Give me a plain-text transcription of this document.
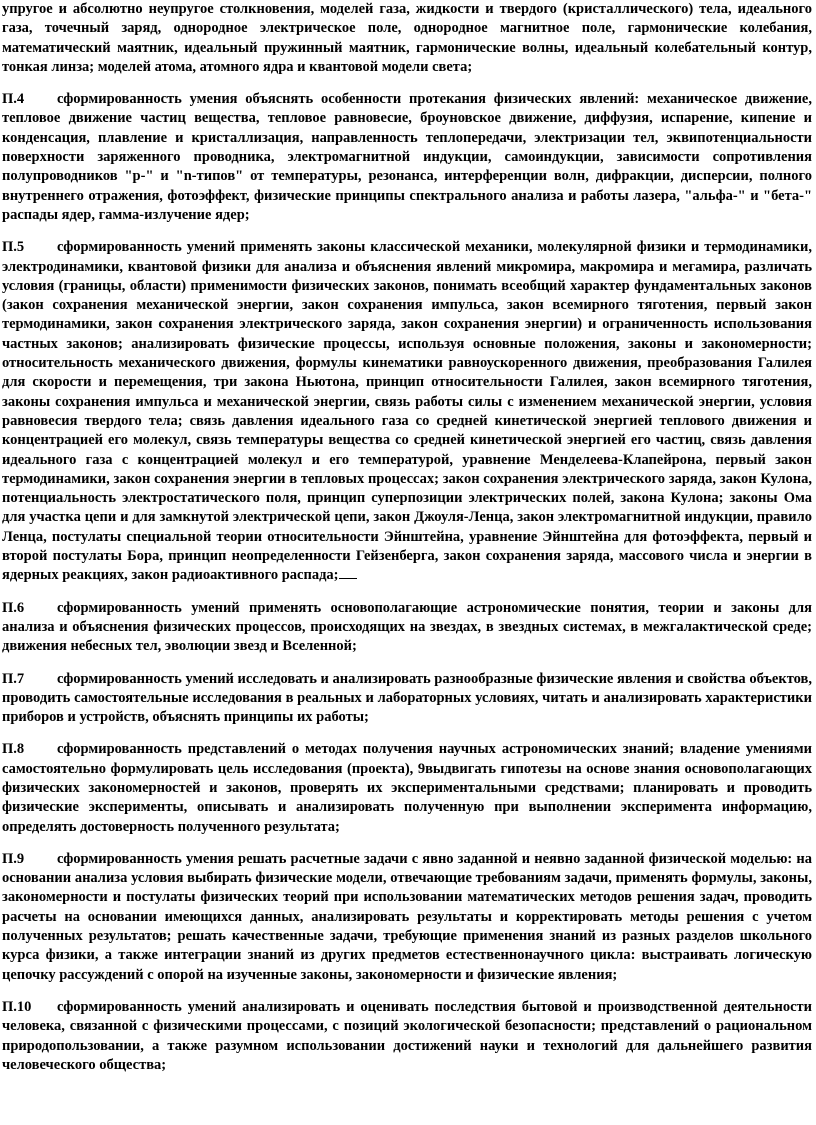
упругое и абсолютно неупругое столкновения, моделей газа, жидкости и твердого (кристаллического) тела, идеального газа, точечный заряд, однородное электрическое поле, однородное магнитное поле, гармонические колебания, математический маятник, идеальный пружинный маятник, гармонические волны, идеальный колебательный контур, тонкая линза; моделей атома, атомного ядра и квантовой модели света;

П.4 сформированность умения объяснять особенности протекания физических явлений: механическое движение, тепловое движение частиц вещества, тепловое равновесие, броуновское движение, диффузия, испарение, кипение и конденсация, плавление и кристаллизация, направленность теплопередачи, электризации тел, эквипотенциальности поверхности заряженного проводника, электромагнитной индукции, самоиндукции, зависимости сопротивления полупроводников "p-" и "n-типов" от температуры, резонанса, интерференции волн, дифракции, дисперсии, полного внутреннего отражения, фотоэффект, физические принципы спектрального анализа и работы лазера, "альфа-" и "бета-" распады ядер, гамма-излучение ядер;

П.5 сформированность умений применять законы классической механики, молекулярной физики и термодинамики, электродинамики, квантовой физики для анализа и объяснения явлений микромира, макромира и мегамира, различать условия (границы, области) применимости физических законов, понимать всеобщий характер фундаментальных законов (закон сохранения механической энергии, закон сохранения импульса, закон всемирного тяготения, первый закон термодинамики, закон сохранения электрического заряда, закон сохранения энергии) и ограниченность использования частных законов; анализировать физические процессы, используя основные положения, законы и закономерности; относительность механического движения, формулы кинематики равноускоренного движения, преобразования Галилея для скорости и перемещения, три закона Ньютона, принцип относительности Галилея, закон всемирного тяготения, законы сохранения импульса и механической энергии, связь работы силы с изменением механической энергии, условия равновесия твердого тела; связь давления идеального газа со средней кинетической энергией теплового движения и концентрацией его молекул, связь температуры вещества со средней кинетической энергией его частиц, связь давления идеального газа с концентрацией молекул и его температурой, уравнение Менделеева-Клапейрона, первый закон термодинамики, закон сохранения энергии в тепловых процессах; закон сохранения электрического заряда, закон Кулона, потенциальность электростатического поля, принцип суперпозиции электрических полей, закона Кулона; законы Ома для участка цепи и для замкнутой электрической цепи, закон Джоуля-Ленца, закон электромагнитной индукции, правило Ленца, постулаты специальной теории относительности Эйнштейна, уравнение Эйнштейна для фотоэффекта, первый и второй постулаты Бора, принцип неопределенности Гейзенберга, закон сохранения заряда, массового числа и энергии в ядерных реакциях, закон радиоактивного распада;

П.6 сформированность умений применять основополагающие астрономические понятия, теории и законы для анализа и объяснения физических процессов, происходящих на звездах, в звездных системах, в межгалактической среде; движения небесных тел, эволюции звезд и Вселенной;

П.7 сформированность умений исследовать и анализировать разнообразные физические явления и свойства объектов, проводить самостоятельные исследования в реальных и лабораторных условиях, читать и анализировать характеристики приборов и устройств, объяснять принципы их работы;

П.8 сформированность представлений о методах получения научных астрономических знаний; владение умениями самостоятельно формулировать цель исследования (проекта), 9выдвигать гипотезы на основе знания основополагающих физических закономерностей и законов, проверять их экспериментальными средствами; планировать и проводить физические эксперименты, описывать и анализировать полученную при выполнении эксперимента информацию, определять достоверность полученного результата;

П.9 сформированность умения решать расчетные задачи с явно заданной и неявно заданной физической моделью: на основании анализа условия выбирать физические модели, отвечающие требованиям задачи, применять формулы, законы, закономерности и постулаты физических теорий при использовании математических методов решения задач, проводить расчеты на основании имеющихся данных, анализировать результаты и корректировать методы решения с учетом полученных результатов; решать качественные задачи, требующие применения знаний из разных разделов школьного курса физики, а также интеграции знаний из других предметов естественнонаучного цикла: выстраивать логическую цепочку рассуждений с опорой на изученные законы, закономерности и физические явления;

П.10 сформированность умений анализировать и оценивать последствия бытовой и производственной деятельности человека, связанной с физическими процессами, с позиций экологической безопасности; представлений о рациональном природопользовании, а также разумном использовании достижений науки и технологий для дальнейшего развития человеческого общества;
